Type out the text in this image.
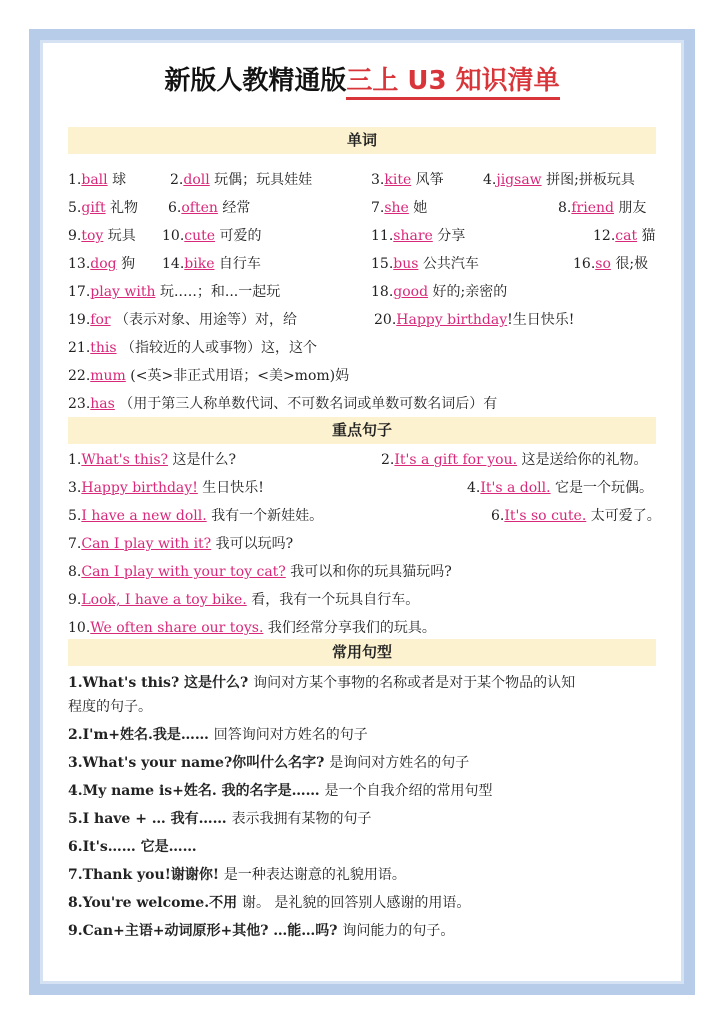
新版人教精通版三上 U3 知识清单
单词
1.ball 球	2.doll 玩偶；玩具娃娃	3.kite 风筝	4.jigsaw 拼图;拼板玩具
5.gift 礼物 6.often 经常	7.she 她	8.friend 朋友
9.toy 玩具 10.cute 可爱的	11.share 分享	12.cat 猫
13.dog 狗 14.bike 自行车	15.bus 公共汽车	16.so 很;极
17.play with 玩.….；和...一起玩	18.good 好的;亲密的
19.for （表示对象、用途等）对，给	20.Happy birthday!生日快乐!
21.this （指较近的人或事物）这，这个
22.mum (<英>非正式用语；<美>mom)妈
23.has （用于第三人称单数代词、不可数名词或单数可数名词后）有
重点句子
1.What's this? 这是什么?	2.It's a gift for you. 这是送给你的礼物。
3.Happy birthday! 生日快乐!	4.It's a doll. 它是一个玩偶。
5.I have a new doll. 我有一个新娃娃。	6.It's so cute. 太可爱了。
7.Can I play with it? 我可以玩吗?
8.Can I play with your toy cat? 我可以和你的玩具猫玩吗?
9.Look, I have a toy bike. 看，我有一个玩具自行车。
10.We often share our toys. 我们经常分享我们的玩具。
常用句型
1.What's this? 这是什么? 询问对方某个事物的名称或者是对于某个物品的认知
程度的句子。
2.I'm+姓名.我是…… 回答询问对方姓名的句子
3.What's your name?你叫什么名字? 是询问对方姓名的句子
4.My name is+姓名. 我的名字是…… 是一个自我介绍的常用句型
5.I have + … 我有…… 表示我拥有某物的句子
6.It's…… 它是……
7.Thank you!谢谢你! 是一种表达谢意的礼貌用语。
8.You're welcome.不用 谢。 是礼貌的回答别人感谢的用语。
9.Can+主语+动词原形+其他? …能…吗? 询问能力的句子。
